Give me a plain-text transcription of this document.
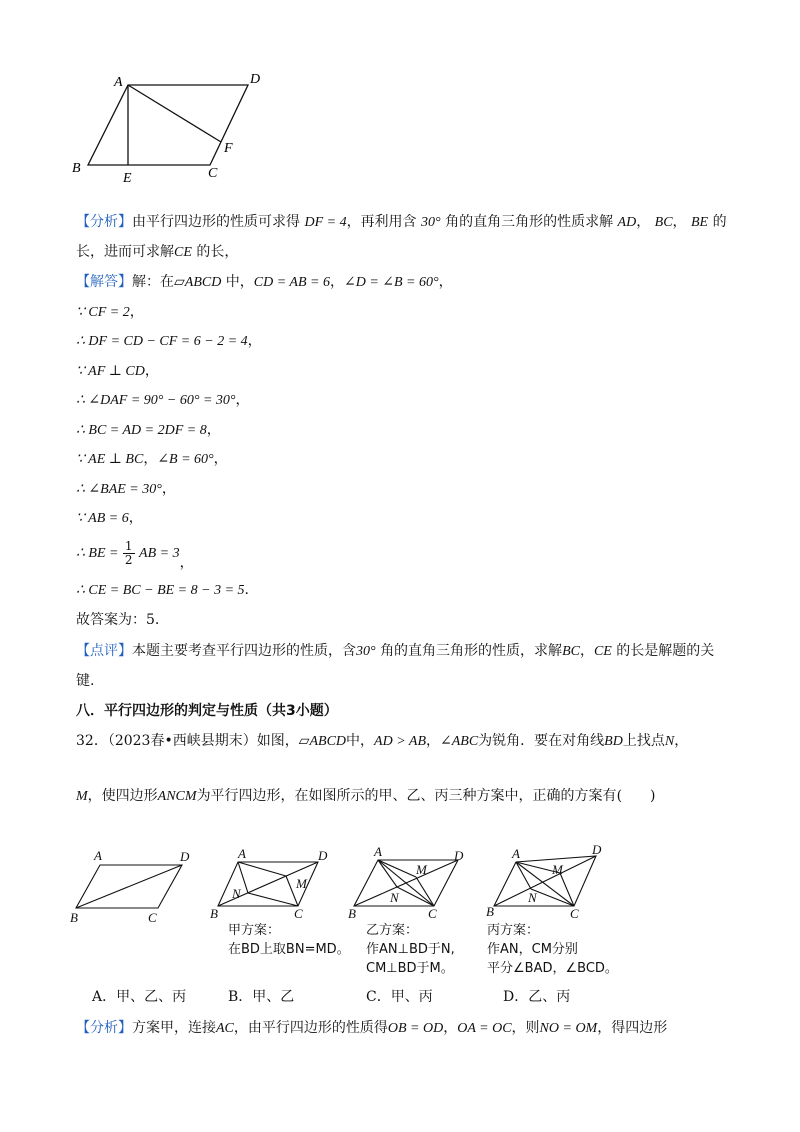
A	D
B
E	C
F
【分析】由平行四边形的性质可求得 DF = 4，再利用含 30° 角的直角三角形的性质求解 AD， BC， BE 的
长，进而可求解CE 的长，
【解答】解：在▱ABCD 中，CD = AB = 6，∠D = ∠B = 60°，
∵ CF = 2，
∴ DF = CD − CF = 6 − 2 = 4，
∵ AF ⊥ CD，
∴ ∠DAF = 90° − 60° = 30°，
∴ BC = AD = 2DF = 8，
∵ AE ⊥ BC，∠B = 60°，
∴ ∠BAE = 30°，
∵ AB = 6，
∴ BE = $\frac{1}{2}$ AB = 3，
∴ CE = BC − BE = 8 − 3 = 5.
故答案为：5.
【点评】本题主要考查平行四边形的性质，含30° 角的直角三角形的性质，求解BC，CE 的长是解题的关
键.
八．平行四边形的判定与性质（共3小题）
32．（2023春•西峡县期末）如图，▱ABCD中，AD > AB，∠ABC为锐角．要在对角线BD上找点N，
M，使四边形ANCM为平行四边形，在如图所示的甲、乙、丙三种方案中，正确的方案有(　　)
A	D
B	C
A	D
B	C
N
M
A	D
B	C
N
M
A	D
B	C
N
M
甲方案：
在BD上取BN=MD。
乙方案：
作AN⊥BD于N,
CM⊥BD于M。
丙方案：
作AN，CM分别
平分∠BAD，∠BCD。
A．甲、乙、丙	B．甲、乙	C．甲、丙	D．乙、丙
【分析】方案甲，连接AC，由平行四边形的性质得OB = OD，OA = OC，则NO = OM，得四边形
